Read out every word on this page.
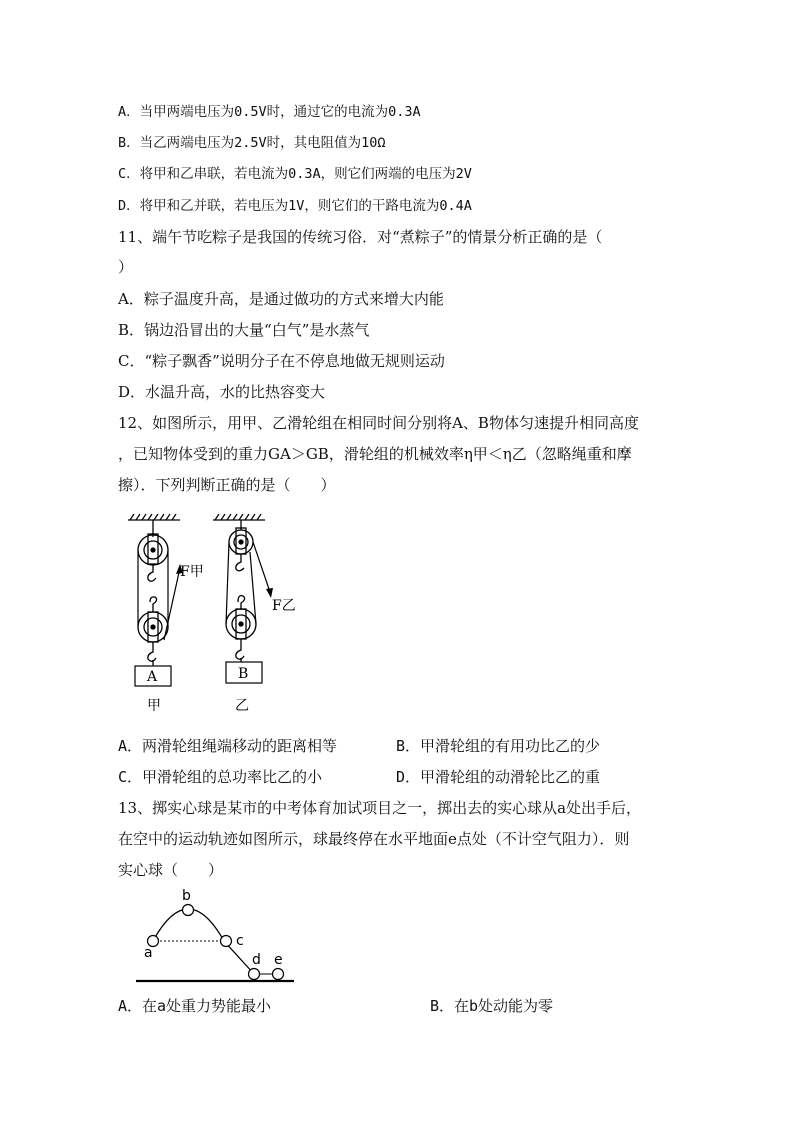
A．当甲两端电压为0.5V时，通过它的电流为0.3A
B．当乙两端电压为2.5V时，其电阻值为10Ω
C．将甲和乙串联，若电流为0.3A，则它们两端的电压为2V
D．将甲和乙并联，若电压为1V，则它们的干路电流为0.4A
11、端午节吃粽子是我国的传统习俗．对“煮粽子”的情景分析正确的是（
）
A．粽子温度升高，是通过做功的方式来增大内能
B．锅边沿冒出的大量“白气”是水蒸气
C．“粽子飘香”说明分子在不停息地做无规则运动
D．水温升高，水的比热容变大
12、如图所示，用甲、乙滑轮组在相同时间分别将A、B物体匀速提升相同高度
，已知物体受到的重力GA＞GB，滑轮组的机械效率η甲＜η乙（忽略绳重和摩
擦）．下列判断正确的是（　　）
F甲
A
甲
F乙
B
乙
A．两滑轮组绳端移动的距离相等	B．甲滑轮组的有用功比乙的少
C．甲滑轮组的总功率比乙的小	D．甲滑轮组的动滑轮比乙的重
13、掷实心球是某市的中考体育加试项目之一，掷出去的实心球从a处出手后，
在空中的运动轨迹如图所示，球最终停在水平地面e点处（不计空气阻力）．则
实心球（　　）
a
b
c
d e
A．在a处重力势能最小	B．在b处动能为零
